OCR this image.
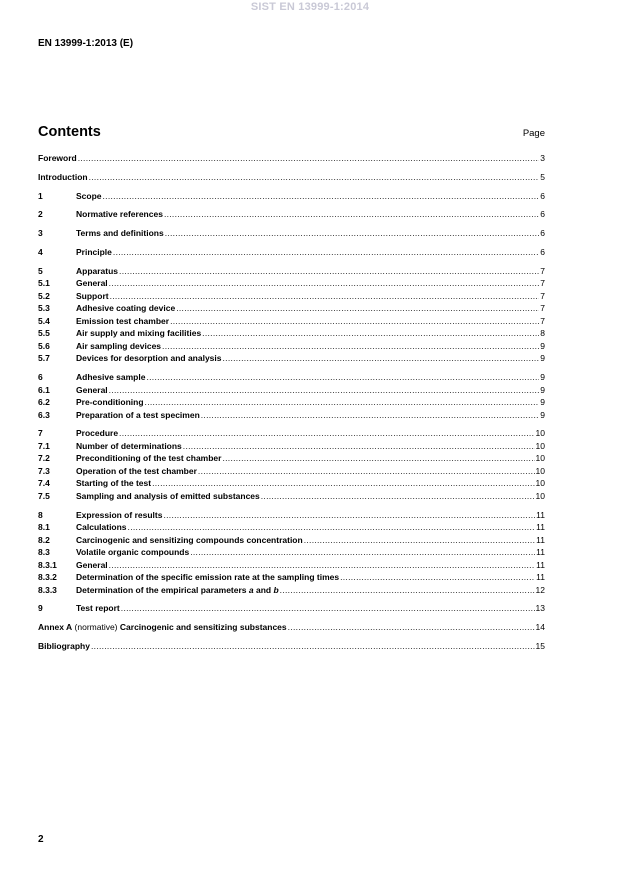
SIST EN 13999-1:2014
EN 13999-1:2013 (E)
Contents	Page
Foreword .....	3
Introduction .....	5
1	Scope .....	6
2	Normative references .....	6
3	Terms and definitions .....	6
4	Principle .....	6
5	Apparatus .....	7
5.1	General .....	7
5.2	Support .....	7
5.3	Adhesive coating device .....	7
5.4	Emission test chamber .....	7
5.5	Air supply and mixing facilities .....	8
5.6	Air sampling devices .....	9
5.7	Devices for desorption and analysis .....	9
6	Adhesive sample .....	9
6.1	General .....	9
6.2	Pre-conditioning .....	9
6.3	Preparation of a test specimen .....	9
7	Procedure .....	10
7.1	Number of determinations .....	10
7.2	Preconditioning of the test chamber .....	10
7.3	Operation of the test chamber .....	10
7.4	Starting of the test .....	10
7.5	Sampling and analysis of emitted substances .....	10
8	Expression of results .....	11
8.1	Calculations .....	11
8.2	Carcinogenic and sensitizing compounds concentration .....	11
8.3	Volatile organic compounds .....	11
8.3.1	General .....	11
8.3.2	Determination of the specific emission rate at the sampling times .....	11
8.3.3	Determination of the empirical parameters a and b .....	12
9	Test report .....	13
Annex A (normative) Carcinogenic and sensitizing substances .....	14
Bibliography .....	15
2
